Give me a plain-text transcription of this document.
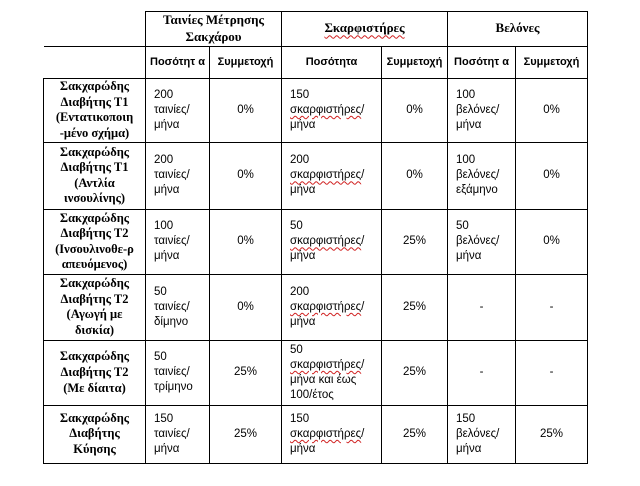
	Ταινίες Μέτρησης Σακχάρου		Σκαρφιστήρες		Βελόνες	
	Ποσότητ α	Συμμετοχή	Ποσότητα	Συμμετοχή	Ποσότητ α	Συμμετοχή

Σακχαρώδης
Διαβήτης Τ1
(Εντατικοποιη
-μένο σχήμα)	200
ταινίες/
μήνα	0%	150
σκαρφιστήρες/
μήνα	0%	100
βελόνες/
μήνα	0%

Σακχαρώδης
Διαβήτης Τ1
(Αντλία
ινσουλίνης)	200
ταινίες/
μήνα	0%	200
σκαρφιστήρες/
μήνα	0%	100
βελόνες/
εξάμηνο	0%

Σακχαρώδης
Διαβήτης Τ2
(Ινσουλινοθε-ρ
απευόμενος)	100
ταινίες/
μήνα	0%	50
σκαρφιστήρες/
μήνα	25%	50
βελόνες/
μήνα	0%

Σακχαρώδης
Διαβήτης Τ2
(Αγωγή με
δισκία)	50
ταινίες/
δίμηνο	0%	200
σκαρφιστήρες/
μήνα	25%	-	-

Σακχαρώδης
Διαβήτης Τ2
(Με δίαιτα)	50
ταινίες/
τρίμηνο	25%	50
σκαρφιστήρες/
μήνα και έως
100/έτος	25%	-	-

Σακχαρώδης
Διαβήτης
Κύησης	150
ταινίες/
μήνα	25%	150
σκαρφιστήρες/
μήνα	25%	150
βελόνες/
μήνα	25%
